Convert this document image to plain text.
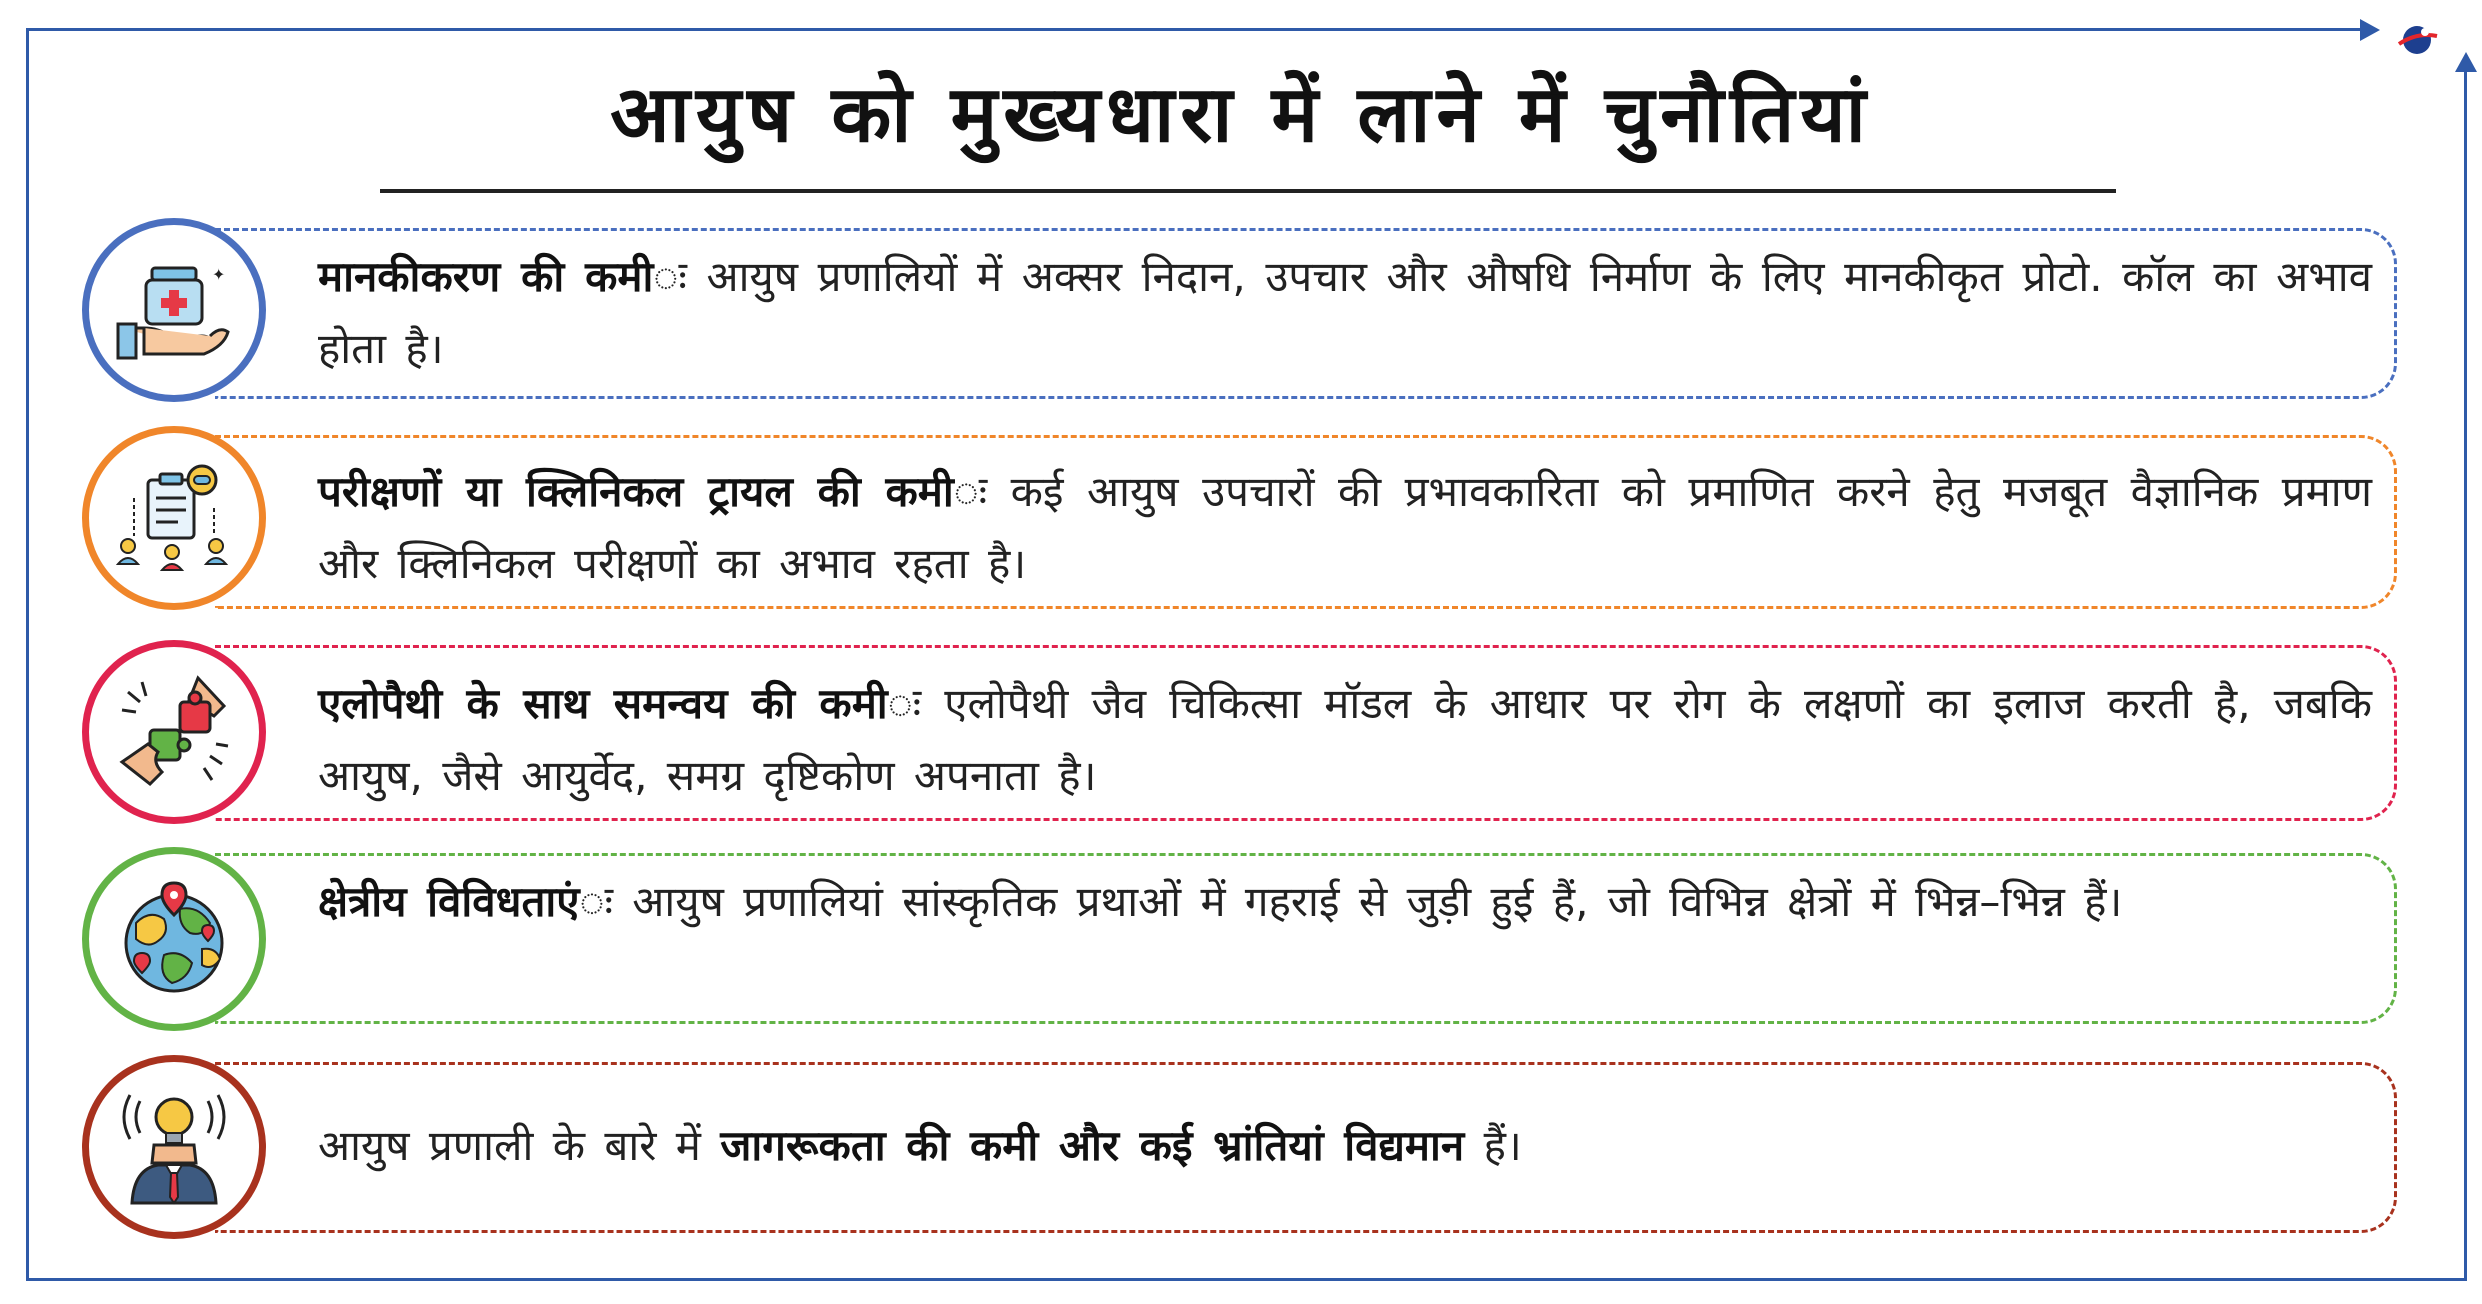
आयुष को मुख्यधारा में लाने में चुनौतियां
✦ मानकीकरण की कमीः आयुष प्रणालियों में अक्सर निदान, उपचार और औषधि निर्माण के लिए मानकीकृत प्रोटो. कॉल का अभाव होता है।
परीक्षणों या क्लिनिकल ट्रायल की कमीः कई आयुष उपचारों की प्रभावकारिता को प्रमाणित करने हेतु मजबूत वैज्ञानिक प्रमाण और क्लिनिकल परीक्षणों का अभाव रहता है।
एलोपैथी के साथ समन्वय की कमीः एलोपैथी जैव चिकित्सा मॉडल के आधार पर रोग के लक्षणों का इलाज करती है, जबकि आयुष, जैसे आयुर्वेद, समग्र दृष्टिकोण अपनाता है।
क्षेत्रीय विविधताएंः आयुष प्रणालियां सांस्कृतिक प्रथाओं में गहराई से जुड़ी हुई हैं, जो विभिन्न क्षेत्रों में भिन्न–भिन्न हैं।
आयुष प्रणाली के बारे में जागरूकता की कमी और कई भ्रांतियां विद्यमान हैं।
